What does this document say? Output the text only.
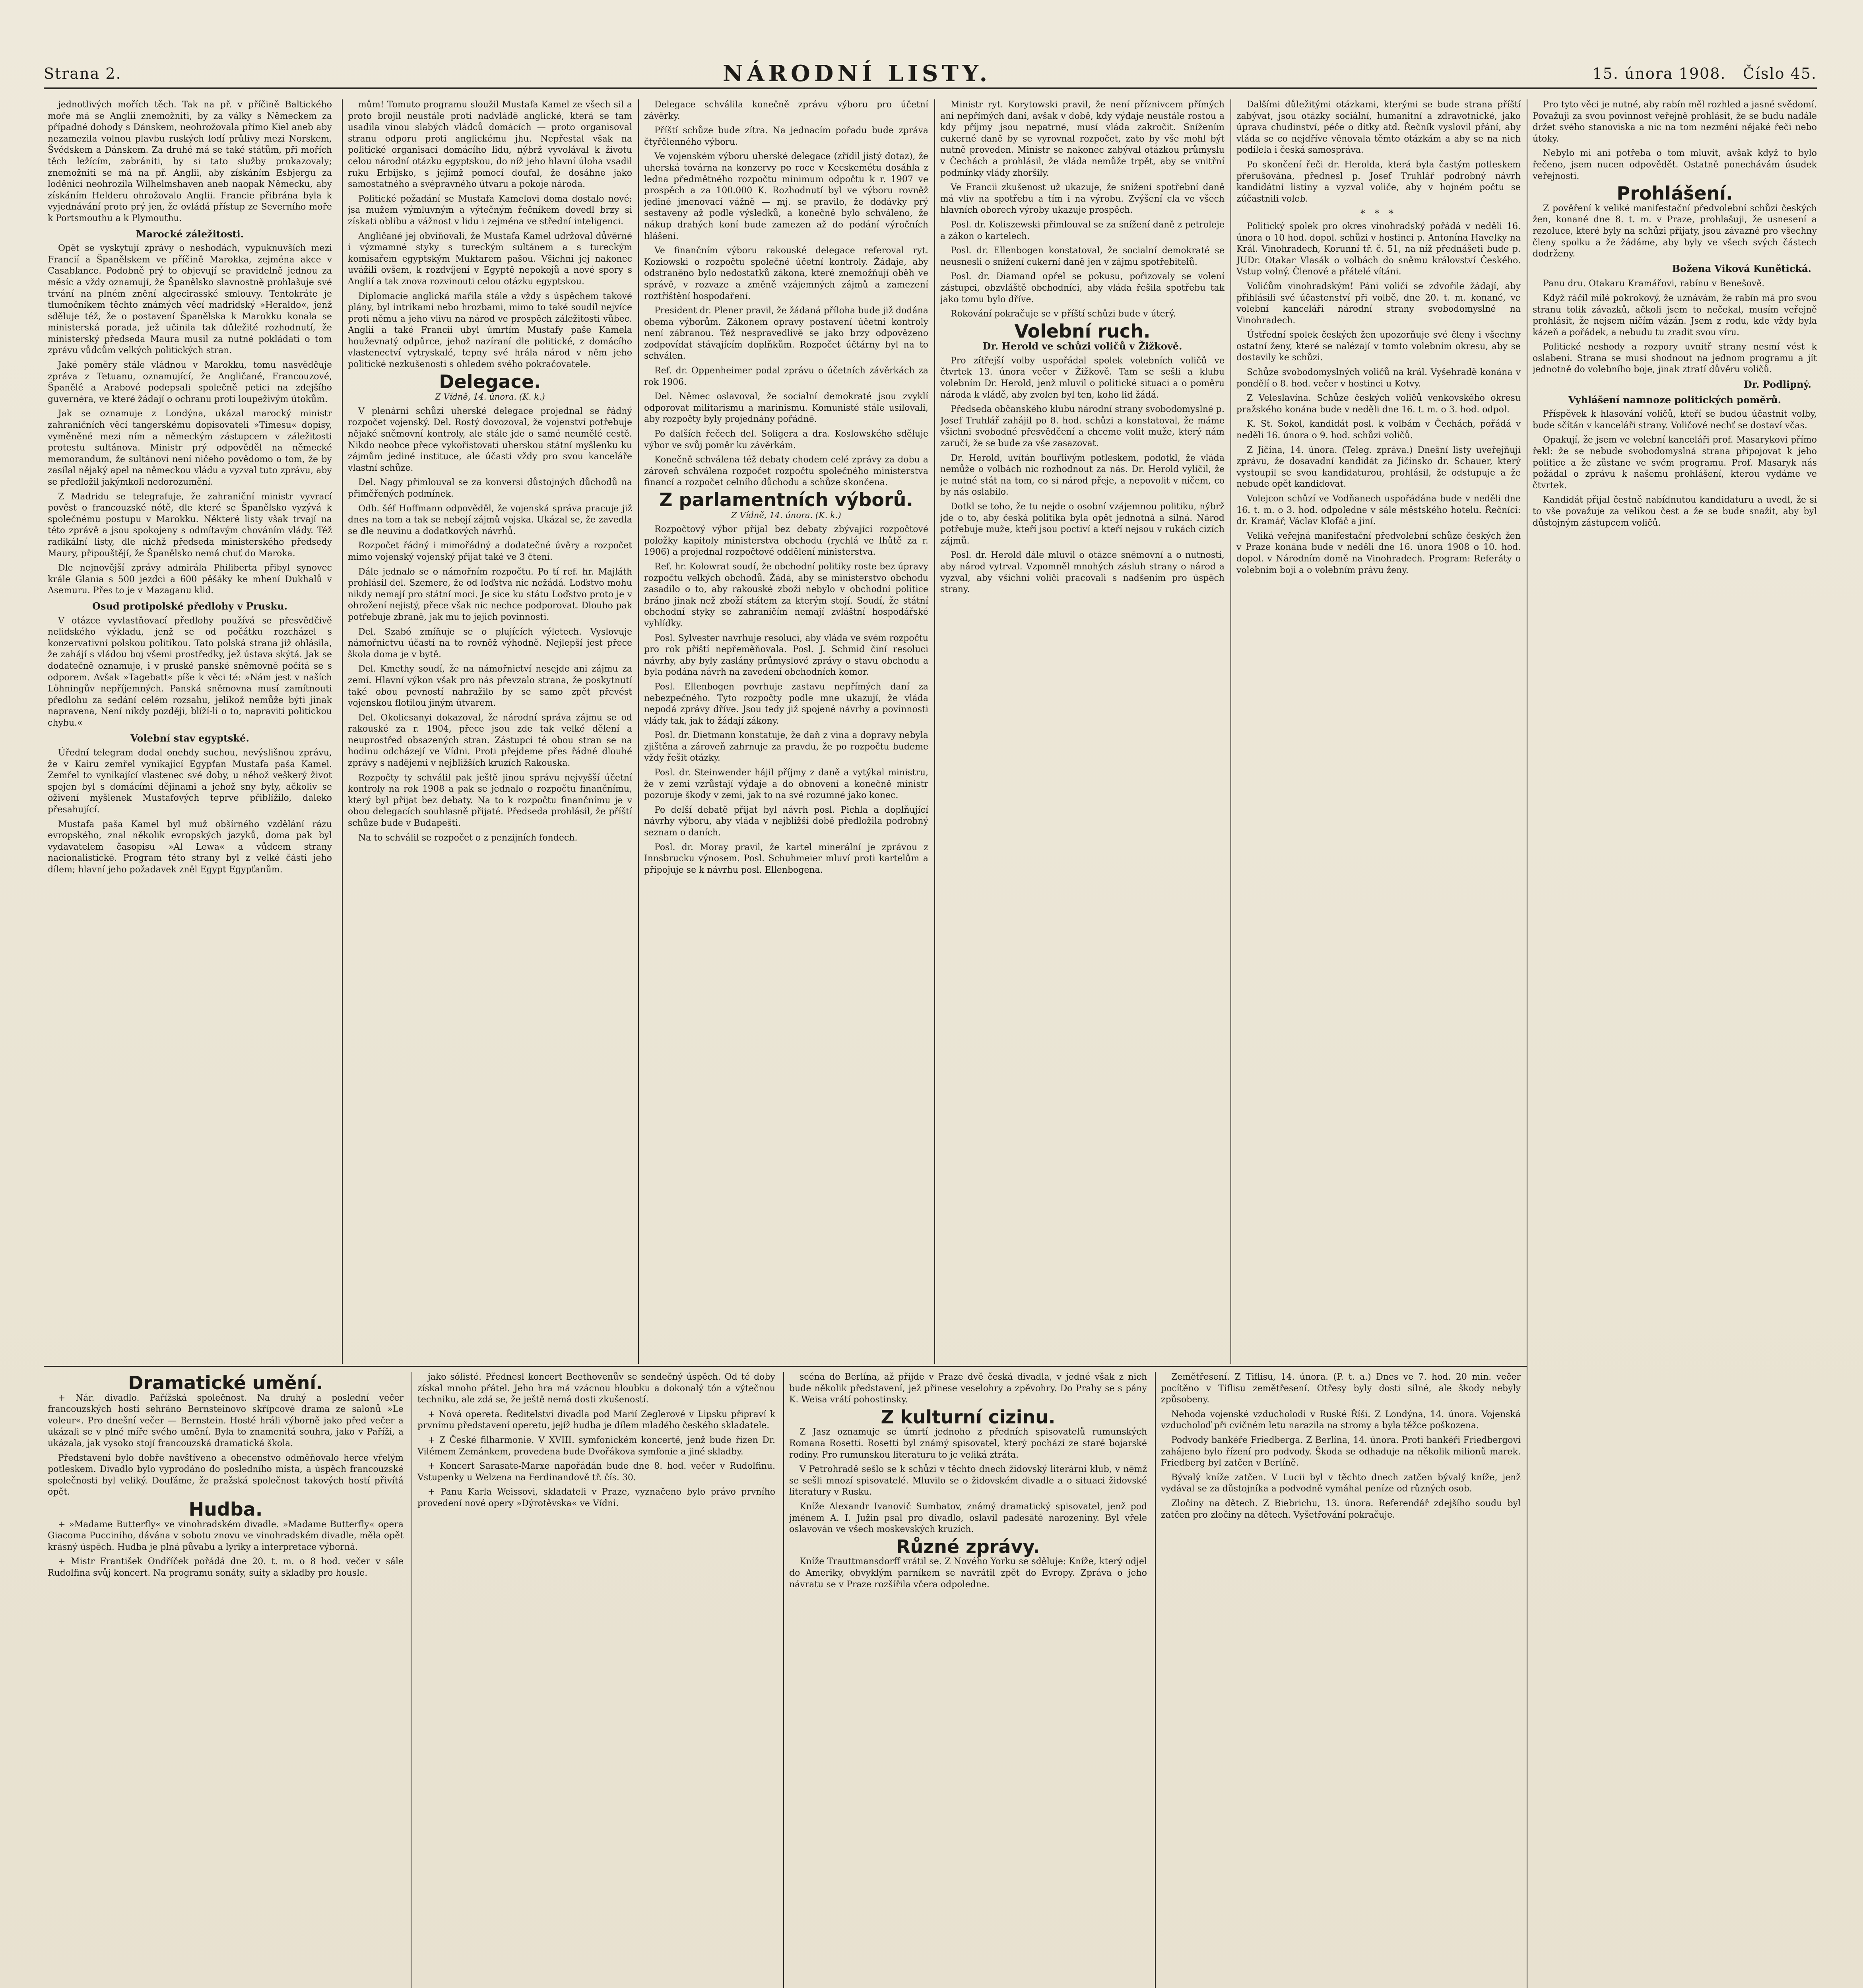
Strana 2.	NÁRODNÍ LISTY.	15. února 1908. Číslo 45.

jednotlivých mořích těch. Tak na př. v příčině Baltického moře má se Anglii znemožniti, by za války s Německem za případné dohody s Dánskem, neohrožovala přímo Kiel aneb aby nezamezila volnou plavbu ruských lodí průlivy mezi Norskem, Švédskem a Dánskem. Za druhé má se také státům, při mořích těch ležícím, zabrániti, by si tato služby prokazovaly; znemožniti se má na př. Anglii, aby získáním Esbjergu za loděnici neohrozila Wilhelmshaven aneb naopak Německu, aby získáním Helderu ohrožovalo Anglii. Francie přibrána byla k vyjednávání proto prý jen, že ovládá přístup ze Severního moře k Portsmouthu a k Plymouthu.

Marocké záležitosti.

Opět se vyskytují zprávy o neshodách, vypuknuvších mezi Francií a Španělskem ve příčině Marokka, zejména akce v Casablance. Podobně prý to objevují se pravidelně jednou za měsíc a vždy oznamují, že Španělsko slavnostně prohlašuje své trvání na plném znění algecirasské smlouvy. Tentokráte je tlumočníkem těchto známých věcí madridský »Heraldo«, jenž sděluje též, že o postavení Španělska k Marokku konala se ministerská porada, jež učinila tak důležité rozhodnutí, že ministerský předseda Maura musil za nutné pokládati o tom zprávu vůdcům velkých politických stran.

Jaké poměry stále vládnou v Marokku, tomu nasvědčuje zpráva z Tetuanu, oznamující, že Angličané, Francouzové, Španělé a Arabové podepsali společně petici na zdejšího guvernéra, ve které žádají o ochranu proti loupeživým útokům.

Jak se oznamuje z Londýna, ukázal marocký ministr zahraničních věcí tangerskému dopisovateli »Timesu« dopisy, vyměněné mezi ním a německým zástupcem v záležitosti protestu sultánova. Ministr prý odpověděl na německé memorandum, že sultánovi není ničeho povědomo o tom, že by zasílal nějaký apel na německou vládu a vyzval tuto zprávu, aby se předložil jakýmkoli nedorozumění.

Z Madridu se telegrafuje, že zahraniční ministr vyvrací pověst o francouzské nótě, dle které se Španělsko vyzývá k společnému postupu v Marokku. Některé listy však trvají na této zprávě a jsou spokojeny s odmítavým chováním vlády. Též radikální listy, dle nichž předseda ministerského předsedy Maury, připouštějí, že Španělsko nemá chuť do Maroka.

Dle nejnovější zprávy admirála Philiberta přibyl synovec krále Glania s 500 jezdci a 600 pěšáky ke mhení Dukhalů v Asemuru. Přes to je v Mazaganu klid.

Osud protipolské předlohy v Prusku.

V otázce vyvlastňovací předlohy používá se přesvědčivě nelidského výkladu, jenž se od počátku rozcházel s konzervativní polskou politikou. Tato polská strana již ohlásila, že zahájí s vládou boj všemi prostředky, jež ústava skýtá. Jak se dodatečně oznamuje, i v pruské panské sněmovně počítá se s odporem. Avšak »Tagebatt« píše k věci té: »Nám jest v naších Löhningův nepříjemných. Panská sněmovna musí zamítnouti předlohu za sedání celém rozsahu, jelikož nemůže býti jinak napravena, Není nikdy později, blíží-li o to, napraviti politickou chybu.«

Volební stav egyptské.

Úřední telegram dodal onehdy suchou, nevýslišnou zprávu, že v Kairu zemřel vynikající Egypťan Mustafa paša Kamel. Zemřel to vynikající vlastenec své doby, u něhož veškerý život spojen byl s domácími dějinami a jehož sny byly, ačkoliv se oživení myšlenek Mustafových teprve přiblížilo, daleko přesahující.

Mustafa paša Kamel byl muž obšírného vzdělání rázu evropského, znal několik evropských jazyků, doma pak byl vydavatelem časopisu »Al Lewa« a vůdcem strany nacionalistické. Program této strany byl z velké části jeho dílem; hlavní jeho požadavek zněl Egypt Egypťanům.

mům! Tomuto programu sloužil Mustafa Kamel ze všech sil a proto brojil neustále proti nadvládě anglické, která se tam usadila vinou slabých vládců domácích — proto organisoval stranu odporu proti anglickému jhu. Nepřestal však na politické organisaci domácího lidu, nýbrž vyvolával k životu celou národní otázku egyptskou, do níž jeho hlavní úloha vsadil ruku Erbijsko, s jejímž pomocí doufal, že dosáhne jako samostatného a svépravného útvaru a pokoje národa.

Politické požadání se Mustafa Kamelovi doma dostalo nové; jsa mužem výmluvným a výtečným řečníkem dovedl brzy si získati oblibu a vážnost v lidu i zejména ve střední inteligenci.

Angličané jej obviňovali, že Mustafa Kamel udržoval důvěrné i výzmamné styky s tureckým sultánem a s tureckým komisařem egyptským Muktarem pašou. Všichni jej nakonec uvážili ovšem, k rozdvíjení v Egyptě nepokojů a nové spory s Anglií a tak znova rozvinouti celou otázku egyptskou.

Diplomacie anglická mařila stále a vždy s úspěchem takové plány, byl intrikami nebo hrozbami, mimo to také soudil nejvíce proti němu a jeho vlivu na národ ve prospěch záležitosti vůbec. Anglii a také Francii ubyl úmrtím Mustafy paše Kamela houževnatý odpůrce, jehož nazíraní dle politické, z domácího vlastenectví vytryskalé, tepny své hrála národ v něm jeho politické nezkušenosti s ohledem svého pokračovatele.

Delegace.
Z Vídně, 14. února. (K. k.)

V plenární schůzi uherské delegace projednal se řádný rozpočet vojenský. Del. Rostý dovozoval, že vojenství potřebuje nějaké sněmovní kontroly, ale stále jde o samé neumělé cestě. Nikdo neobce přece vykořistovati uherskou státní myšlenku ku zájmům jediné instituce, ale účasti vždy pro svou kanceláře vlastní schůze.

Del. Nagy přimlouval se za konversi důstojných důchodů na přiměřených podmínek.

Odb. šéf Hoffmann odpověděl, že vojenská správa pracuje již dnes na tom a tak se nebojí zájmů vojska. Ukázal se, že zavedla se dle neuvinu a dodatkových návrhů.

Rozpočet řádný i mimořádný a dodatečné úvěry a rozpočet mimo vojenský vojenský přijat také ve 3 čtení.

Dále jednalo se o námořním rozpočtu. Po tí ref. hr. Majláth prohlásil del. Szemere, že od loďstva nic nežádá. Loďstvo mohu nikdy nemají pro státní moci. Je sice ku státu Loďstvo proto je v ohrožení nejistý, přece však nic nechce podporovat. Dlouho pak potřebuje zbraně, jak mu to jejich povinnosti.

Del. Szabó zmíňuje se o plujících výletech. Vyslovuje námořnictvu účastí na to rovněž výhodně. Nejlepší jest přece škola doma je v bytě.

Del. Kmethy soudí, že na námořnictví nesejde ani zájmu za zemí. Hlavní výkon však pro nás převzalo strana, že poskytnutí také obou pevností nahražilo by se samo zpět převést vojenskou flotilou jiným útvarem.

Del. Okolicsanyi dokazoval, že národní správa zájmu se od rakouské za r. 1904, přece jsou zde tak velké dělení a neuprostřed obsazených stran. Zástupci té obou stran se na hodinu odcházejí ve Vídni. Proti přejdeme přes řádné dlouhé zprávy s nadějemi v nejbližších kruzích Rakouska.

Rozpočty ty schválil pak ještě jinou správu nejvyšší účetní kontroly na rok 1908 a pak se jednalo o rozpočtu finančnímu, který byl přijat bez debaty. Na to k rozpočtu finančnímu je v obou delegacích souhlasně přijaté. Předseda prohlásil, že příští schůze bude v Budapešti.

Na to schválil se rozpočet o z penzijních fondech.

Delegace schválila konečně zprávu výboru pro účetní závěrky.

Příští schůze bude zítra. Na jednacím pořadu bude zpráva čtyřčlenného výboru.

Ve vojenském výboru uherské delegace (zřídil jistý dotaz), že uherská továrna na konzervy po roce v Kecskemétu dosáhla z ledna předmětného rozpočtu minimum odpočtu k r. 1907 ve prospěch a za 100.000 K. Rozhodnutí byl ve výboru rovněž jediné jmenovací vážně — mj. se pravilo, že dodávky prý sestaveny až podle výsledků, a konečně bylo schváleno, že nákup drahých koní bude zamezen až do podání výročních hlášení.

Ve finančním výboru rakouské delegace referoval ryt. Koziowski o rozpočtu společné účetní kontroly. Žádaje, aby odstraněno bylo nedostatků zákona, které znemožňují oběh ve správě, v rozvaze a změně vzájemných zájmů a zamezení roztříštění hospodaření.

President dr. Plener pravil, že žádaná příloha bude již dodána obema výborům. Zákonem opravy postavení účetní kontroly není zábranou. Též nespravedlivě se jako brzy odpovězeno zodpovídat stávajícím doplňkům. Rozpočet účtárny byl na to schválen.

Ref. dr. Oppenheimer podal zprávu o účetních závěrkách za rok 1906.

Del. Němec oslavoval, že socialní demokraté jsou zvyklí odporovat militarismu a marinismu. Komunisté stále usilovali, aby rozpočty byly projednány pořádně.

Po dalších řečech del. Soligera a dra. Koslowského sděluje výbor ve svůj poměr ku závěrkám.

Konečně schválena též debaty chodem celé zprávy za dobu a zároveň schválena rozpočet rozpočtu společného ministerstva financí a rozpočet celního důchodu a schůze skončena.

Z parlamentních výborů.
Z Vídně, 14. února. (K. k.)

Rozpočtový výbor přijal bez debaty zbývající rozpočtové položky kapitoly ministerstva obchodu (rychlá ve lhůtě za r. 1906) a projednal rozpočtové oddělení ministerstva.

Ref. hr. Kolowrat soudí, že obchodní politiky roste bez úpravy rozpočtu velkých obchodů. Žádá, aby se ministerstvo obchodu zasadilo o to, aby rakouské zboží nebylo v obchodní politice bráno jinak než zboží státem za kterým stojí. Soudí, že státní obchodní styky se zahraničím nemají zvláštní hospodářské vyhlídky.

Posl. Sylvester navrhuje resoluci, aby vláda ve svém rozpočtu pro rok příští nepřeměňovala. Posl. J. Schmid činí resoluci návrhy, aby byly zaslány průmyslové zprávy o stavu obchodu a byla podána návrh na zavedení obchodních komor.

Posl. Ellenbogen povrhuje zastavu nepřímých daní za nebezpečného. Tyto rozpočty podle mne ukazují, že vláda nepodá zprávy dříve. Jsou tedy již spojené návrhy a povinnosti vlády tak, jak to žádají zákony.

Posl. dr. Dietmann konstatuje, že daň z vina a dopravy nebyla zjištěna a zároveň zahrnuje za pravdu, že po rozpočtu budeme vždy řešit otázky.

Posl. dr. Steinwender hájil příjmy z daně a vytýkal ministru, že v zemi vzrůstají výdaje a do obnovení a konečně ministr pozoruje škody v zemi, jak to na své rozumné jako konec.

Po delší debatě přijat byl návrh posl. Pichla a doplňující návrhy výboru, aby vláda v nejbližší době předložila podrobný seznam o daních.

Posl. dr. Moray pravil, že kartel minerální je zprávou z Innsbrucku výnosem. Posl. Schuhmeier mluví proti kartelům a připojuje se k návrhu posl. Ellenbogena.

Ministr ryt. Korytowski pravil, že není příznivcem přímých ani nepřímých daní, avšak v době, kdy výdaje neustále rostou a kdy příjmy jsou nepatrné, musí vláda zakročit. Snížením cukerné daně by se vyrovnal rozpočet, zato by vše mohl být nutně proveden. Ministr se nakonec zabýval otázkou průmyslu v Čechách a prohlásil, že vláda nemůže trpět, aby se vnitřní podmínky vlády zhoršily.

Ve Francii zkušenost už ukazuje, že snížení spotřební daně má vliv na spotřebu a tím i na výrobu. Zvýšení cla ve všech hlavních oborech výroby ukazuje prospěch.

Posl. dr. Koliszewski přimlouval se za snížení daně z petroleje a zákon o kartelech.

Posl. dr. Ellenbogen konstatoval, že socialní demokraté se neusnesli o snížení cukerní daně jen v zájmu spotřebitelů.

Posl. dr. Diamand opřel se pokusu, pořizovaly se volení zástupci, obzvláště obchodníci, aby vláda řešila spotřebu tak jako tomu bylo dříve.

Rokování pokračuje se v příští schůzi bude v úterý.

Volební ruch.
Dr. Herold ve schůzi voličů v Žižkově.

Pro zítřejší volby uspořádal spolek volebních voličů ve čtvrtek 13. února večer v Žižkově. Tam se sešli a klubu volebním Dr. Herold, jenž mluvil o politické situaci a o poměru národa k vládě, aby zvolen byl ten, koho lid žádá.

Předseda občanského klubu národní strany svobodomyslné p. Josef Truhlář zahájil po 8. hod. schůzi a konstatoval, že máme všichni svobodné přesvědčení a chceme volit muže, který nám zaručí, že se bude za vše zasazovat.

Dr. Herold, uvítán bouřlivým potleskem, podotkl, že vláda nemůže o volbách nic rozhodnout za nás. Dr. Herold vylíčil, že je nutné stát na tom, co si národ přeje, a nepovolit v ničem, co by nás oslabilo.

Dotkl se toho, že tu nejde o osobní vzájemnou politiku, nýbrž jde o to, aby česká politika byla opět jednotná a silná. Národ potřebuje muže, kteří jsou poctiví a kteří nejsou v rukách cizích zájmů.

Posl. dr. Herold dále mluvil o otázce sněmovní a o nutnosti, aby národ vytrval. Vzpomněl mnohých zásluh strany o národ a vyzval, aby všichni voliči pracovali s nadšením pro úspěch strany.

Dalšími důležitými otázkami, kterými se bude strana příští zabývat, jsou otázky sociální, humanitní a zdravotnické, jako úprava chudinství, péče o dítky atd. Řečník vyslovil přání, aby vláda se co nejdříve věnovala těmto otázkám a aby se na nich podílela i česká samospráva.

Po skončení řeči dr. Herolda, která byla častým potleskem přerušována, přednesl p. Josef Truhlář podrobný návrh kandidátní listiny a vyzval voliče, aby v hojném počtu se zúčastnili voleb.

* * *

Politický spolek pro okres vinohradský pořádá v neděli 16. února o 10 hod. dopol. schůzi v hostinci p. Antonína Havelky na Král. Vinohradech, Korunní tř. č. 51, na níž přednášeti bude p. JUDr. Otakar Vlasák o volbách do sněmu království Českého. Vstup volný. Členové a přátelé vítáni.

Voličům vinohradským! Páni voliči se zdvořile žádají, aby přihlásili své účastenství při volbě, dne 20. t. m. konané, ve volební kanceláři národní strany svobodomyslné na Vinohradech.

Ústřední spolek českých žen upozorňuje své členy i všechny ostatní ženy, které se nalézají v tomto volebním okresu, aby se dostavily ke schůzi.

Schůze svobodomyslných voličů na král. Vyšehradě konána v pondělí o 8. hod. večer v hostinci u Kotvy.

Z Veleslavína. Schůze českých voličů venkovského okresu pražského konána bude v neděli dne 16. t. m. o 3. hod. odpol.

K. St. Sokol, kandidát posl. k volbám v Čechách, pořádá v neděli 16. února o 9. hod. schůzi voličů.

Z Jičína, 14. února. (Teleg. zpráva.) Dnešní listy uveřejňují zprávu, že dosavadní kandidát za Jičínsko dr. Schauer, který vystoupil se svou kandidaturou, prohlásil, že odstupuje a že nebude opět kandidovat.

Volejcon schůzí ve Vodňanech uspořádána bude v neděli dne 16. t. m. o 3. hod. odpoledne v sále městského hotelu. Řečníci: dr. Kramář, Václav Klofáč a jiní.

Veliká veřejná manifestační předvolební schůze českých žen v Praze konána bude v neděli dne 16. února 1908 o 10. hod. dopol. v Národním domě na Vinohradech. Program: Referáty o volebním boji a o volebním právu ženy.

Pro tyto věci je nutné, aby rabín měl rozhled a jasné svědomí. Považuji za svou povinnost veřejně prohlásit, že se budu nadále držet svého stanoviska a nic na tom nezmění nějaké řeči nebo útoky.

Nebylo mi ani potřeba o tom mluvit, avšak když to bylo řečeno, jsem nucen odpovědět. Ostatně ponechávám úsudek veřejnosti.

Prohlášení.

Z pověření k veliké manifestační předvolební schůzi českých žen, konané dne 8. t. m. v Praze, prohlašuji, že usnesení a rezoluce, které byly na schůzi přijaty, jsou závazné pro všechny členy spolku a že žádáme, aby byly ve všech svých částech dodrženy.

Božena Viková Kunětická.

Panu dru. Otakaru Kramářovi, rabínu v Benešově.

Když ráčil milé pokrokový, že uznávám, že rabín má pro svou stranu tolik závazků, ačkoli jsem to nečekal, musím veřejně prohlásit, že nejsem ničím vázán. Jsem z rodu, kde vždy byla kázeň a pořádek, a nebudu tu zradit svou víru.

Politické neshody a rozpory uvnitř strany nesmí vést k oslabení. Strana se musí shodnout na jednom programu a jít jednotně do volebního boje, jinak ztratí důvěru voličů.

Dr. Podlipný.
Vyhlášení namnoze politických poměrů.

Příspěvek k hlasování voličů, kteří se budou účastnit volby, bude sčítán v kanceláři strany. Voličové nechť se dostaví včas.

Opakují, že jsem ve volební kanceláři prof. Masarykovi přímo řekl: že se nebude svobodomyslná strana připojovat k jeho politice a že zůstane ve svém programu. Prof. Masaryk nás požádal o zprávu k našemu prohlášení, kterou vydáme ve čtvrtek.

Kandidát přijal čestně nabídnutou kandidaturu a uvedl, že si to vše považuje za velikou čest a že se bude snažit, aby byl důstojným zástupcem voličů.

Dramatické umění.

+ Nár. divadlo. Pařížská společnost. Na druhý a poslední večer francouzských hostí sehráno Bernsteinovo skřípcové drama ze salonů »Le voleur«. Pro dnešní večer — Bernstein. Hosté hráli výborně jako před večer a ukázali se v plné míře svého umění. Byla to znamenitá souhra, jako v Paříži, a ukázala, jak vysoko stojí francouzská dramatická škola.

Představení bylo dobře navštíveno a obecenstvo odměňovalo herce vřelým potleskem. Divadlo bylo vyprodáno do posledního místa, a úspěch francouzské společnosti byl veliký. Doufáme, že pražská společnost takových hostí přivítá opět.

Hudba.

+ »Madame Butterfly« ve vinohradském divadle. »Madame Butterfly« opera Giacoma Pucciniho, dávána v sobotu znovu ve vinohradském divadle, měla opět krásný úspěch. Hudba je plná půvabu a lyriky a interpretace výborná.

+ Mistr František Ondříček pořádá dne 20. t. m. o 8 hod. večer v sále Rudolfina svůj koncert. Na programu sonáty, suity a skladby pro housle.

jako sólisté. Přednesl koncert Beethovenův se sendečný úspěch. Od té doby získal mnoho přátel. Jeho hra má vzácnou hloubku a dokonalý tón a výtečnou techniku, ale zdá se, že ještě nemá dosti zkušeností.

+ Nová opereta. Ředitelství divadla pod Marií Zeglerové v Lipsku připraví k prvnímu představení operetu, jejíž hudba je dílem mladého českého skladatele.

+ Z České filharmonie. V XVIII. symfonickém koncertě, jenž bude řízen Dr. Vilémem Zemánkem, provedena bude Dvořákova symfonie a jiné skladby.

+ Koncert Sarasate-Marxe napořádán bude dne 8. hod. večer v Rudolfinu. Vstupenky u Welzena na Ferdinandově tř. čís. 30.

+ Panu Karla Weissovi, skladateli v Praze, vyznačeno bylo právo prvního provedení nové opery »Dýrotěvska« ve Vídni.

scéna do Berlína, až přijde v Praze dvě česká divadla, v jedné však z nich bude několik představení, jež přinese veselohry a zpěvohry. Do Prahy se s pány K. Weisa vrátí pohostinsky.

Z kulturní cizinu.

Z Jasz oznamuje se úmrtí jednoho z předních spisovatelů rumunských Romana Rosetti. Rosetti byl známý spisovatel, který pochází ze staré bojarské rodiny. Pro rumunskou literaturu to je veliká ztráta.

V Petrohradě sešlo se k schůzi v těchto dnech židovský literární klub, v němž se sešli mnozí spisovatelé. Mluvilo se o židovském divadle a o situaci židovské literatury v Rusku.

Kníže Alexandr Ivanovič Sumbatov, známý dramatický spisovatel, jenž pod jménem A. I. Južin psal pro divadlo, oslavil padesáté narozeniny. Byl vřele oslavován ve všech moskevských kruzích.

Různé zprávy.

Kníže Trauttmansdorff vrátil se. Z Nového Yorku se sděluje: Kníže, který odjel do Ameriky, obvyklým parníkem se navrátil zpět do Evropy. Zpráva o jeho návratu se v Praze rozšířila včera odpoledne.

Zemětřesení. Z Tiflisu, 14. února. (P. t. a.) Dnes ve 7. hod. 20 min. večer pocítěno v Tiflisu zemětřesení. Otřesy byly dosti silné, ale škody nebyly způsobeny.

Nehoda vojenské vzducholodi v Ruské Říši. Z Londýna, 14. února. Vojenská vzducholoď při cvičném letu narazila na stromy a byla těžce poškozena.

Podvody bankéře Friedberga. Z Berlína, 14. února. Proti bankéři Friedbergovi zahájeno bylo řízení pro podvody. Škoda se odhaduje na několik milionů marek. Friedberg byl zatčen v Berlíně.

Bývalý kníže zatčen. V Lucii byl v těchto dnech zatčen bývalý kníže, jenž vydával se za důstojníka a podvodně vymáhal peníze od různých osob.

Zločiny na dětech. Z Biebrichu, 13. února. Referendář zdejšího soudu byl zatčen pro zločiny na dětech. Vyšetřování pokračuje.
